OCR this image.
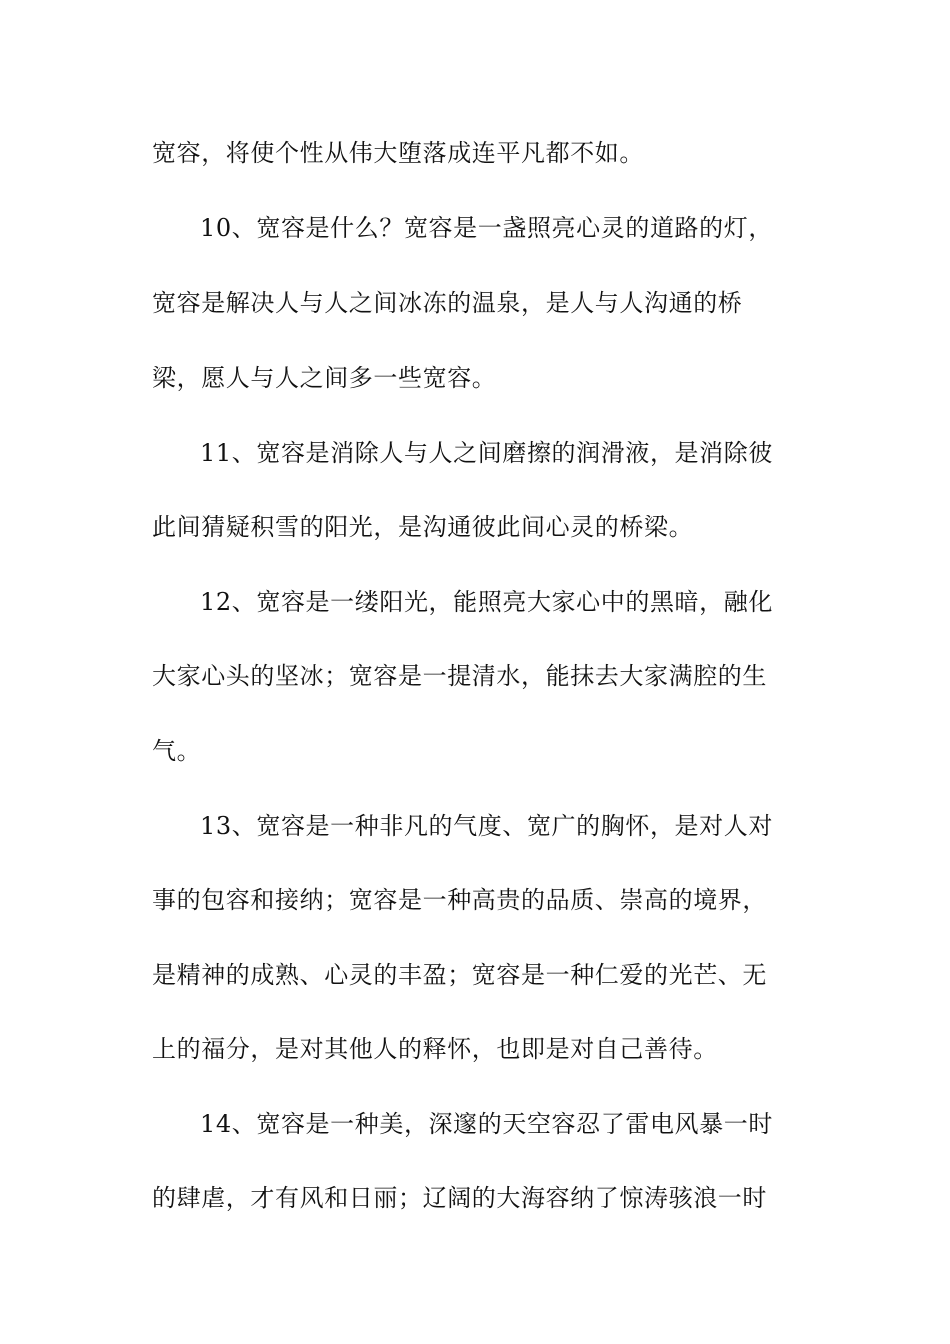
宽容，将使个性从伟大堕落成连平凡都不如。
10、宽容是什么？宽容是一盏照亮心灵的道路的灯，
宽容是解决人与人之间冰冻的温泉，是人与人沟通的桥
梁，愿人与人之间多一些宽容。
11、宽容是消除人与人之间磨擦的润滑液，是消除彼
此间猜疑积雪的阳光，是沟通彼此间心灵的桥梁。
12、宽容是一缕阳光，能照亮大家心中的黑暗，融化
大家心头的坚冰；宽容是一提清水，能抹去大家满腔的生
气。
13、宽容是一种非凡的气度、宽广的胸怀，是对人对
事的包容和接纳；宽容是一种高贵的品质、崇高的境界，
是精神的成熟、心灵的丰盈；宽容是一种仁爱的光芒、无
上的福分，是对其他人的释怀，也即是对自己善待。
14、宽容是一种美，深邃的天空容忍了雷电风暴一时
的肆虐，才有风和日丽；辽阔的大海容纳了惊涛骇浪一时
